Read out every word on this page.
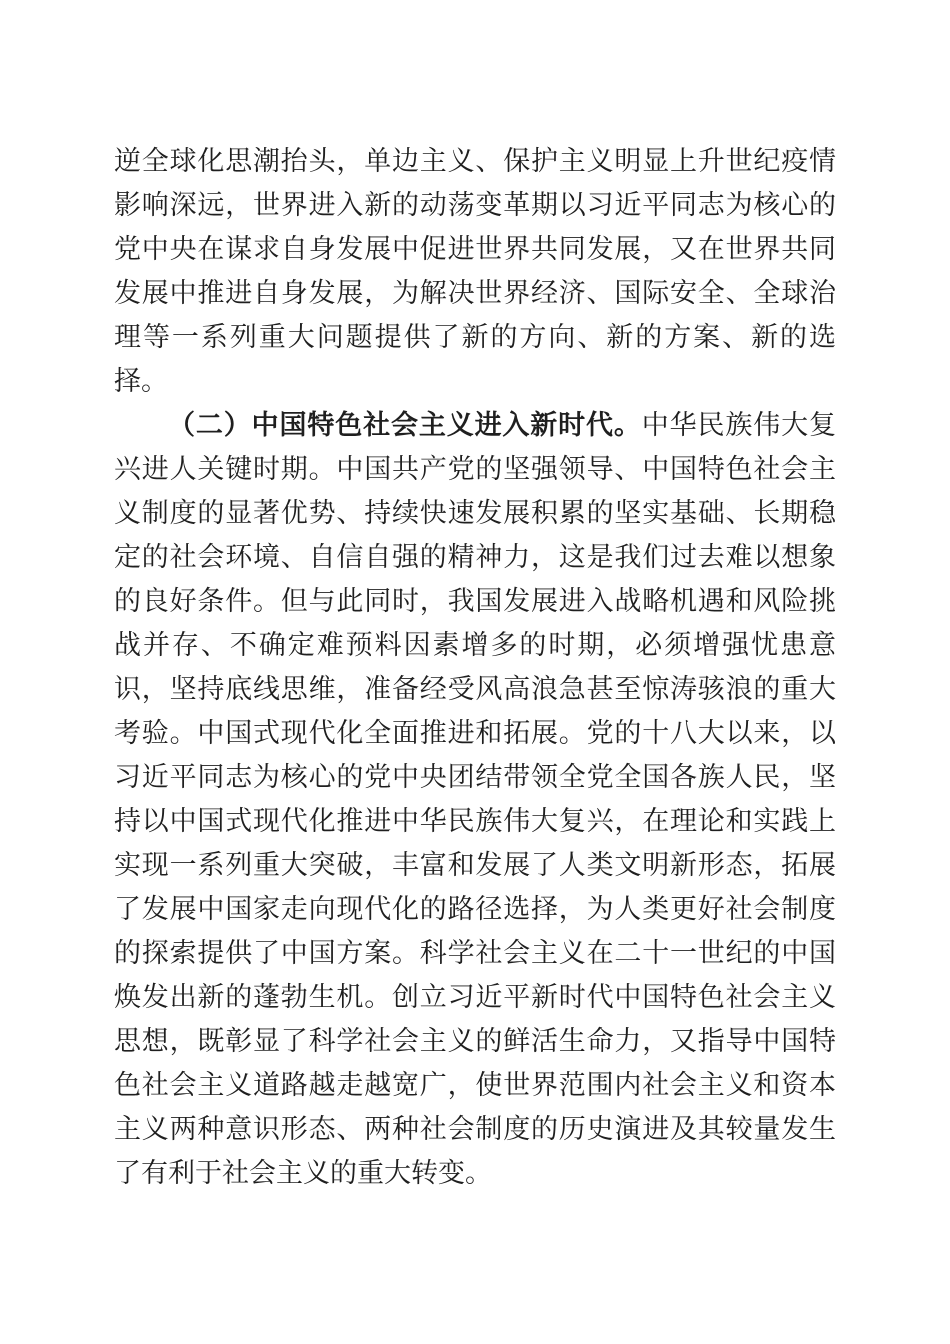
逆全球化思潮抬头，单边主义、保护主义明显上升世纪疫情影响深远，世界进入新的动荡变革期以习近平同志为核心的党中央在谋求自身发展中促进世界共同发展，又在世界共同发展中推进自身发展，为解决世界经济、国际安全、全球治理等一系列重大问题提供了新的方向、新的方案、新的选择。

（二）中国特色社会主义进入新时代。中华民族伟大复兴进人关键时期。中国共产党的坚强领导、中国特色社会主义制度的显著优势、持续快速发展积累的坚实基础、长期稳定的社会环境、自信自强的精神力，这是我们过去难以想象的良好条件。但与此同时，我国发展进入战略机遇和风险挑战并存、不确定难预料因素增多的时期，必须增强忧患意识，坚持底线思维，准备经受风高浪急甚至惊涛骇浪的重大考验。中国式现代化全面推进和拓展。党的十八大以来，以习近平同志为核心的党中央团结带领全党全国各族人民，坚持以中国式现代化推进中华民族伟大复兴，在理论和实践上实现一系列重大突破，丰富和发展了人类文明新形态，拓展了发展中国家走向现代化的路径选择，为人类更好社会制度的探索提供了中国方案。科学社会主义在二十一世纪的中国焕发出新的蓬勃生机。创立习近平新时代中国特色社会主义思想，既彰显了科学社会主义的鲜活生命力，又指导中国特色社会主义道路越走越宽广，使世界范围内社会主义和资本主义两种意识形态、两种社会制度的历史演进及其较量发生了有利于社会主义的重大转变。
